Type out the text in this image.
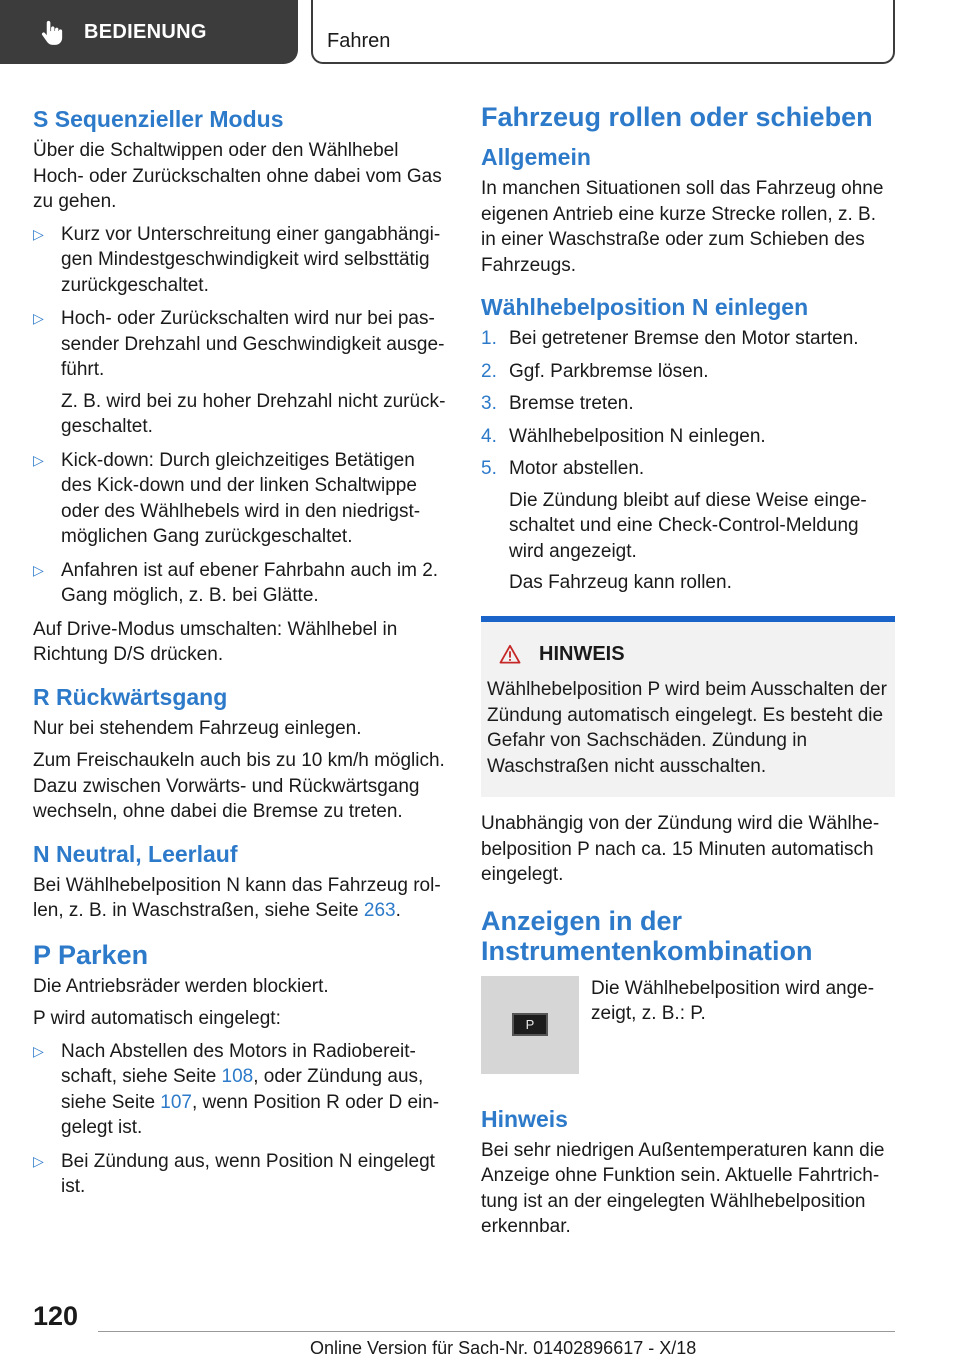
BEDIENUNG	Fahren
S Sequenzieller Modus

Über die Schaltwippen oder den Wählhebel Hoch- oder Zurückschalten ohne dabei vom Gas zu gehen.

▷ Kurz vor Unterschreitung einer gangabhängigen Mindestgeschwindigkeit wird selbsttätig zurückgeschaltet.
▷ Hoch- oder Zurückschalten wird nur bei passender Drehzahl und Geschwindigkeit ausgeführt.
Z. B. wird bei zu hoher Drehzahl nicht zurückgeschaltet.
▷ Kick-down: Durch gleichzeitiges Betätigen des Kick-down und der linken Schaltwippe oder des Wählhebels wird in den niedrigstmöglichen Gang zurückgeschaltet.
▷ Anfahren ist auf ebener Fahrbahn auch im 2. Gang möglich, z. B. bei Glätte.

Auf Drive-Modus umschalten: Wählhebel in Richtung D/S drücken.

R Rückwärtsgang

Nur bei stehendem Fahrzeug einlegen.

Zum Freischaukeln auch bis zu 10 km/h möglich. Dazu zwischen Vorwärts- und Rückwärtsgang wechseln, ohne dabei die Bremse zu treten.

N Neutral, Leerlauf

Bei Wählhebelposition N kann das Fahrzeug rollen, z. B. in Waschstraßen, siehe Seite 263.

P Parken

Die Antriebsräder werden blockiert.

P wird automatisch eingelegt:

▷ Nach Abstellen des Motors in Radiobereitschaft, siehe Seite 108, oder Zündung aus, siehe Seite 107, wenn Position R oder D eingelegt ist.
▷ Bei Zündung aus, wenn Position N eingelegt ist.
Fahrzeug rollen oder schieben
Allgemein

In manchen Situationen soll das Fahrzeug ohne eigenen Antrieb eine kurze Strecke rollen, z. B. in einer Waschstraße oder zum Schieben des Fahrzeugs.

Wählhebelposition N einlegen
1. Bei getretener Bremse den Motor starten.
2. Ggf. Parkbremse lösen.
3. Bremse treten.
4. Wählhebelposition N einlegen.
5. Motor abstellen.
Die Zündung bleibt auf diese Weise eingeschaltet und eine Check-Control-Meldung wird angezeigt.
Das Fahrzeug kann rollen.
HINWEIS
Wählhebelposition P wird beim Ausschalten der Zündung automatisch eingelegt. Es besteht die Gefahr von Sachschäden. Zündung in Waschstraßen nicht ausschalten.

Unabhängig von der Zündung wird die Wählhebelposition P nach ca. 15 Minuten automatisch eingelegt.

Anzeigen in der Instrumentenkombination
P
Die Wählhebelposition wird angezeigt, z. B.: P.
Hinweis

Bei sehr niedrigen Außentemperaturen kann die Anzeige ohne Funktion sein. Aktuelle Fahrtrichtung ist an der eingelegten Wählhebelposition erkennbar.

120
Online Version für Sach-Nr. 01402896617 - X/18
